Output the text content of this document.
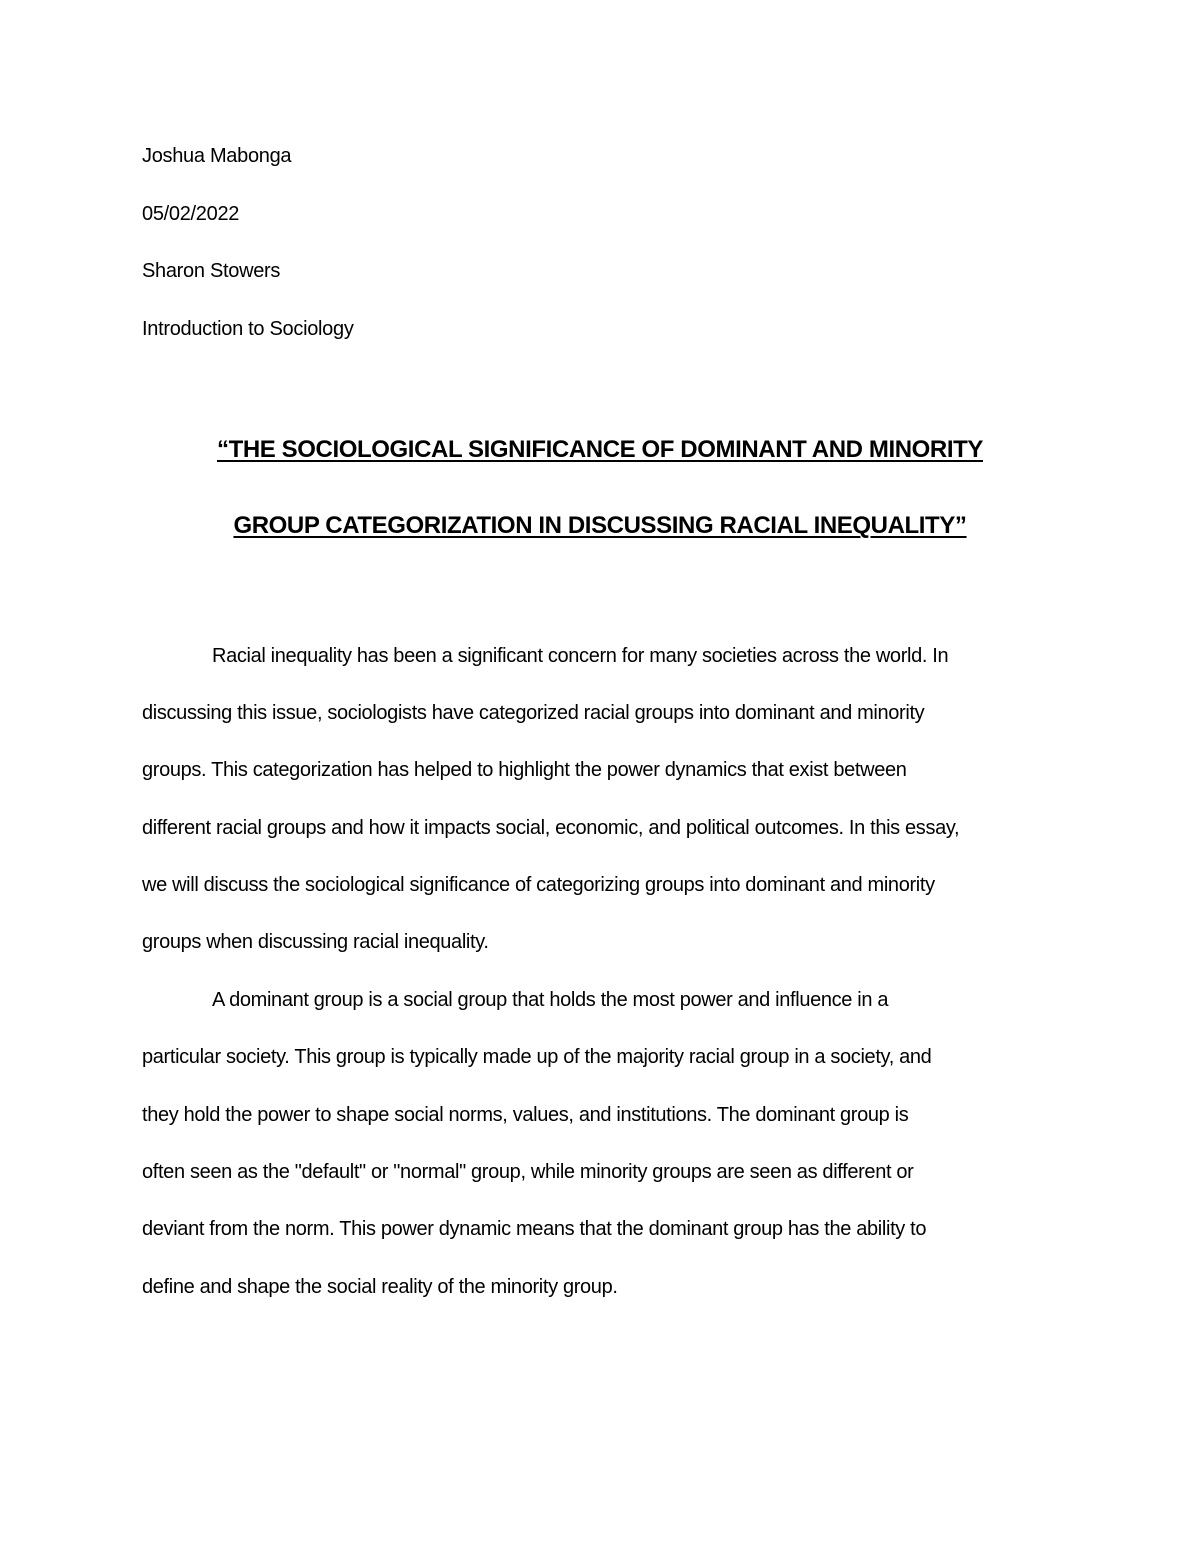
Joshua Mabonga
05/02/2022
Sharon Stowers
Introduction to Sociology
“THE SOCIOLOGICAL SIGNIFICANCE OF DOMINANT AND MINORITY
GROUP CATEGORIZATION IN DISCUSSING RACIAL INEQUALITY”
Racial inequality has been a significant concern for many societies across the world. In
discussing this issue, sociologists have categorized racial groups into dominant and minority
groups. This categorization has helped to highlight the power dynamics that exist between
different racial groups and how it impacts social, economic, and political outcomes. In this essay,
we will discuss the sociological significance of categorizing groups into dominant and minority
groups when discussing racial inequality.
A dominant group is a social group that holds the most power and influence in a
particular society. This group is typically made up of the majority racial group in a society, and
they hold the power to shape social norms, values, and institutions. The dominant group is
often seen as the "default" or "normal" group, while minority groups are seen as different or
deviant from the norm. This power dynamic means that the dominant group has the ability to
define and shape the social reality of the minority group.
